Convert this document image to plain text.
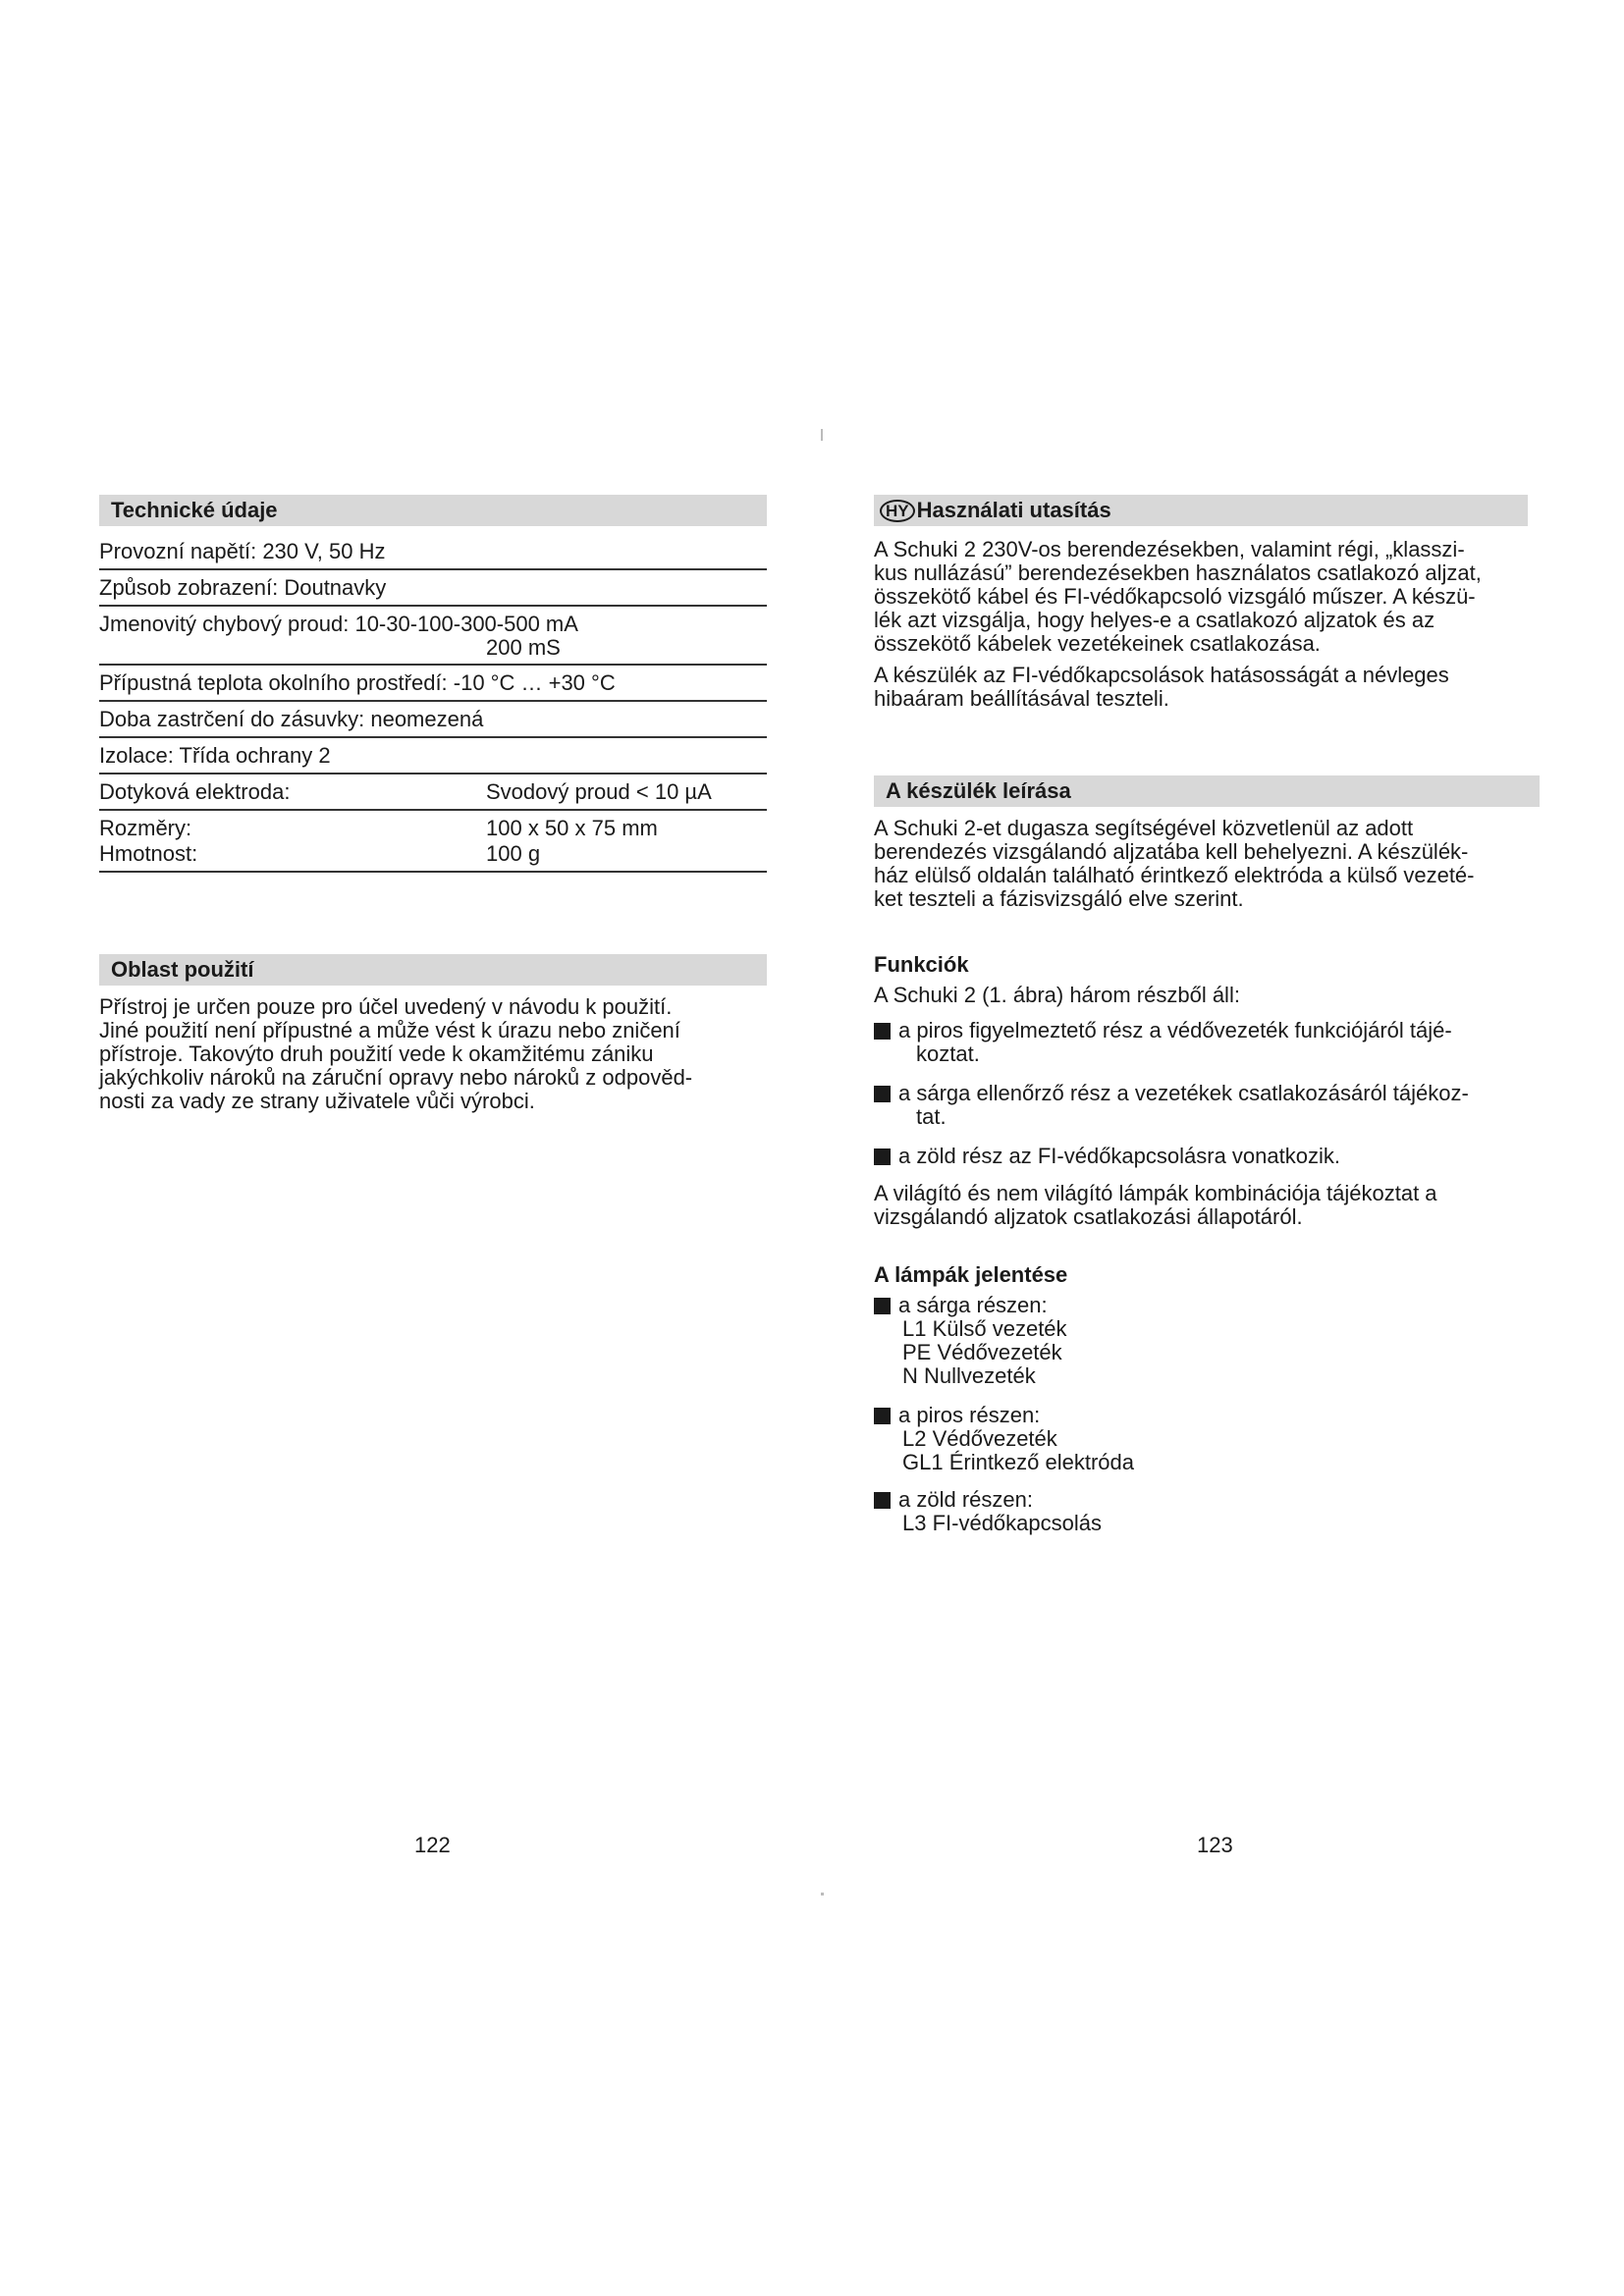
Technické údaje
Provozní napětí: 230 V, 50 Hz
Způsob zobrazení: Doutnavky
Jmenovitý chybový proud: 10-30-100-300-500 mA
200 mS
Přípustná teplota okolního prostředí: -10 °C … +30 °C
Doba zastrčení do zásuvky: neomezená
Izolace: Třída ochrany 2
Dotyková elektroda:	Svodový proud < 10 µA
Rozměry:	100 x 50 x 75 mm
Hmotnost:	100 g
Oblast použití
Přístroj je určen pouze pro účel uvedený v návodu k použití.
Jiné použití není přípustné a může vést k úrazu nebo zničení
přístroje. Takovýto druh použití vede k okamžitému zániku
jakýchkoliv nároků na záruční opravy nebo nároků z odpověd-
nosti za vady ze strany uživatele vůči výrobci.
122
HY Használati utasítás
A Schuki 2 230V-os berendezésekben, valamint régi, „klasszi-
kus nullázású” berendezésekben használatos csatlakozó aljzat,
összekötő kábel és FI-védőkapcsoló vizsgáló műszer. A készü-
lék azt vizsgálja, hogy helyes-e a csatlakozó aljzatok és az
összekötő kábelek vezetékeinek csatlakozása.
A készülék az FI-védőkapcsolások hatásosságát a névleges
hibaáram beállításával teszteli.
A készülék leírása
A Schuki 2-et dugasza segítségével közvetlenül az adott
berendezés vizsgálandó aljzatába kell behelyezni. A készülék-
ház elülső oldalán található érintkező elektróda a külső vezeté-
ket teszteli a fázisvizsgáló elve szerint.
Funkciók
A Schuki 2 (1. ábra) három részből áll:
a piros figyelmeztető rész a védővezeték funkciójáról tájé-
koztat.
a sárga ellenőrző rész a vezetékek csatlakozásáról tájékoz-
tat.
a zöld rész az FI-védőkapcsolásra vonatkozik.
A világító és nem világító lámpák kombinációja tájékoztat a
vizsgálandó aljzatok csatlakozási állapotáról.
A lámpák jelentése
a sárga részen:
L1 Külső vezeték
PE Védővezeték
N Nullvezeték
a piros részen:
L2 Védővezeték
GL1 Érintkező elektróda
a zöld részen:
L3 FI-védőkapcsolás
123
